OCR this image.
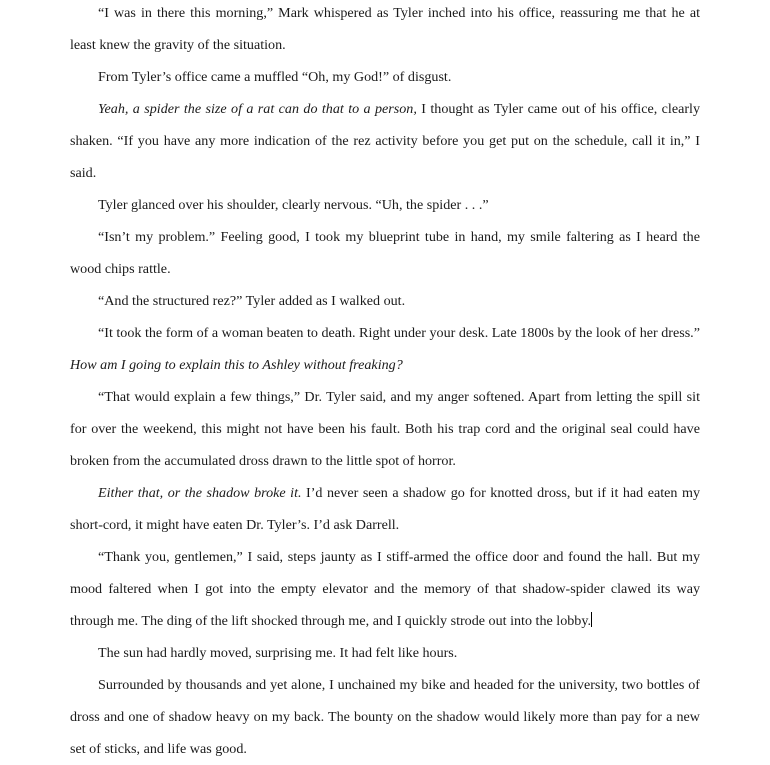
“I was in there this morning,” Mark whispered as Tyler inched into his office, reassuring me that he at least knew the gravity of the situation.

From Tyler’s office came a muffled “Oh, my God!” of disgust.

Yeah, a spider the size of a rat can do that to a person, I thought as Tyler came out of his office, clearly shaken. “If you have any more indication of the rez activity before you get put on the schedule, call it in,” I said.

Tyler glanced over his shoulder, clearly nervous. “Uh, the spider . . .”

“Isn’t my problem.” Feeling good, I took my blueprint tube in hand, my smile faltering as I heard the wood chips rattle.

“And the structured rez?” Tyler added as I walked out.

“It took the form of a woman beaten to death. Right under your desk. Late 1800s by the look of her dress.”

How am I going to explain this to Ashley without freaking?

“That would explain a few things,” Dr. Tyler said, and my anger softened. Apart from letting the spill sit for over the weekend, this might not have been his fault. Both his trap cord and the original seal could have broken from the accumulated dross drawn to the little spot of horror.

Either that, or the shadow broke it. I’d never seen a shadow go for knotted dross, but if it had eaten my short-cord, it might have eaten Dr. Tyler’s. I’d ask Darrell.

“Thank you, gentlemen,” I said, steps jaunty as I stiff-armed the office door and found the hall. But my mood faltered when I got into the empty elevator and the memory of that shadow-spider clawed its way through me. The ding of the lift shocked through me, and I quickly strode out into the lobby.

The sun had hardly moved, surprising me. It had felt like hours.

Surrounded by thousands and yet alone, I unchained my bike and headed for the university, two bottles of dross and one of shadow heavy on my back. The bounty on the shadow would likely more than pay for a new set of sticks, and life was good.
